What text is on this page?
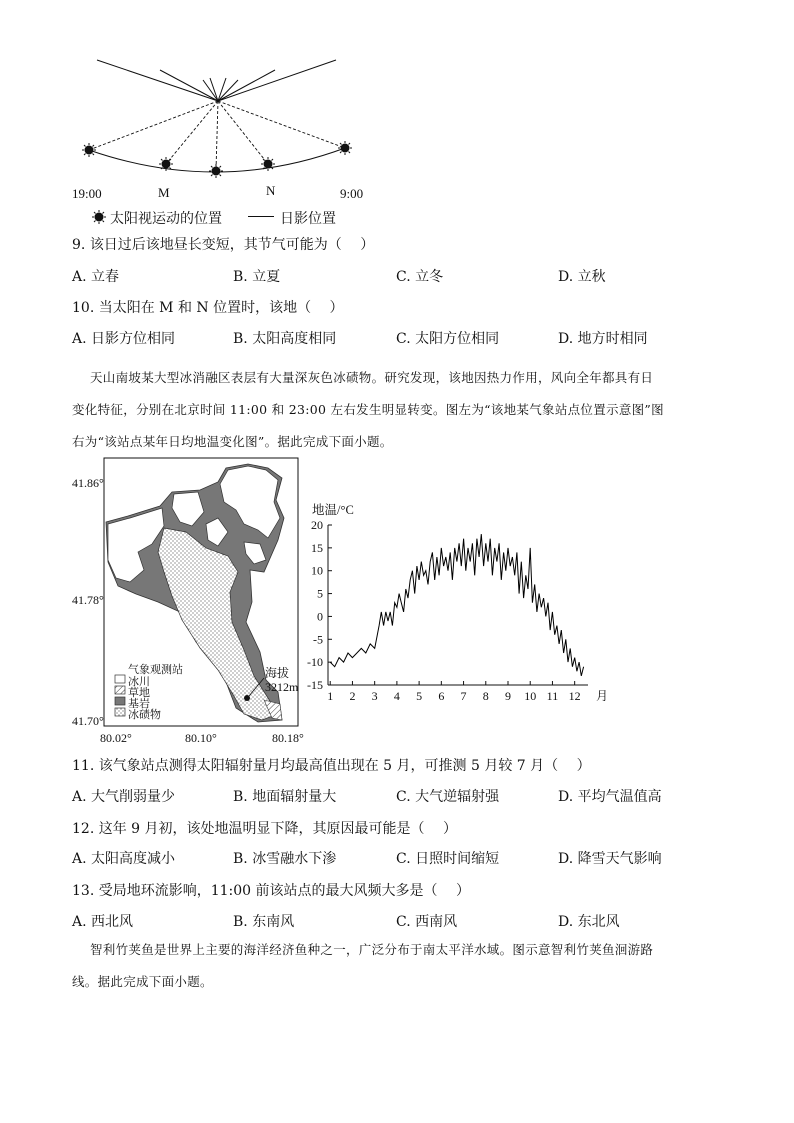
19:00	M	N	9:00
太阳视运动的位置	日影位置
9. 该日过后该地昼长变短，其节气可能为（　 ）
A. 立春	B. 立夏	C. 立冬	D. 立秋
10. 当太阳在 M 和 N 位置时，该地（　 ）
A. 日影方位相同	B. 太阳高度相同	C. 太阳方位相同	D. 地方时相同
天山南坡某大型冰消融区表层有大量深灰色冰碛物。研究发现，该地因热力作用，风向全年都具有日
变化特征，分别在北京时间 11:00 和 23:00 左右发生明显转变。图左为“该地某气象站点位置示意图”图
右为“该站点某年日均地温变化图”。据此完成下面小题。

气象观测站
冰川
草地
基岩
冰碛物
海拔
3212m
41.86°
41.78°
41.70°
80.02°	80.10°	80.18°
地温/°C
20
15
10
5
0
-5
-10
-15
1 2 3 4 5 6 7 8 9 10 11 12 月
11. 该气象站点测得太阳辐射量月均最高值出现在 5 月，可推测 5 月较 7 月（　 ）
A. 大气削弱量少	B. 地面辐射量大	C. 大气逆辐射强	D. 平均气温值高
12. 这年 9 月初，该处地温明显下降，其原因最可能是（　 ）
A. 太阳高度减小	B. 冰雪融水下渗	C. 日照时间缩短	D. 降雪天气影响
13. 受局地环流影响，11:00 前该站点的最大风频大多是（　 ）
A. 西北风	B. 东南风	C. 西南风	D. 东北风
智利竹荚鱼是世界上主要的海洋经济鱼种之一，广泛分布于南太平洋水域。图示意智利竹荚鱼洄游路
线。据此完成下面小题。
